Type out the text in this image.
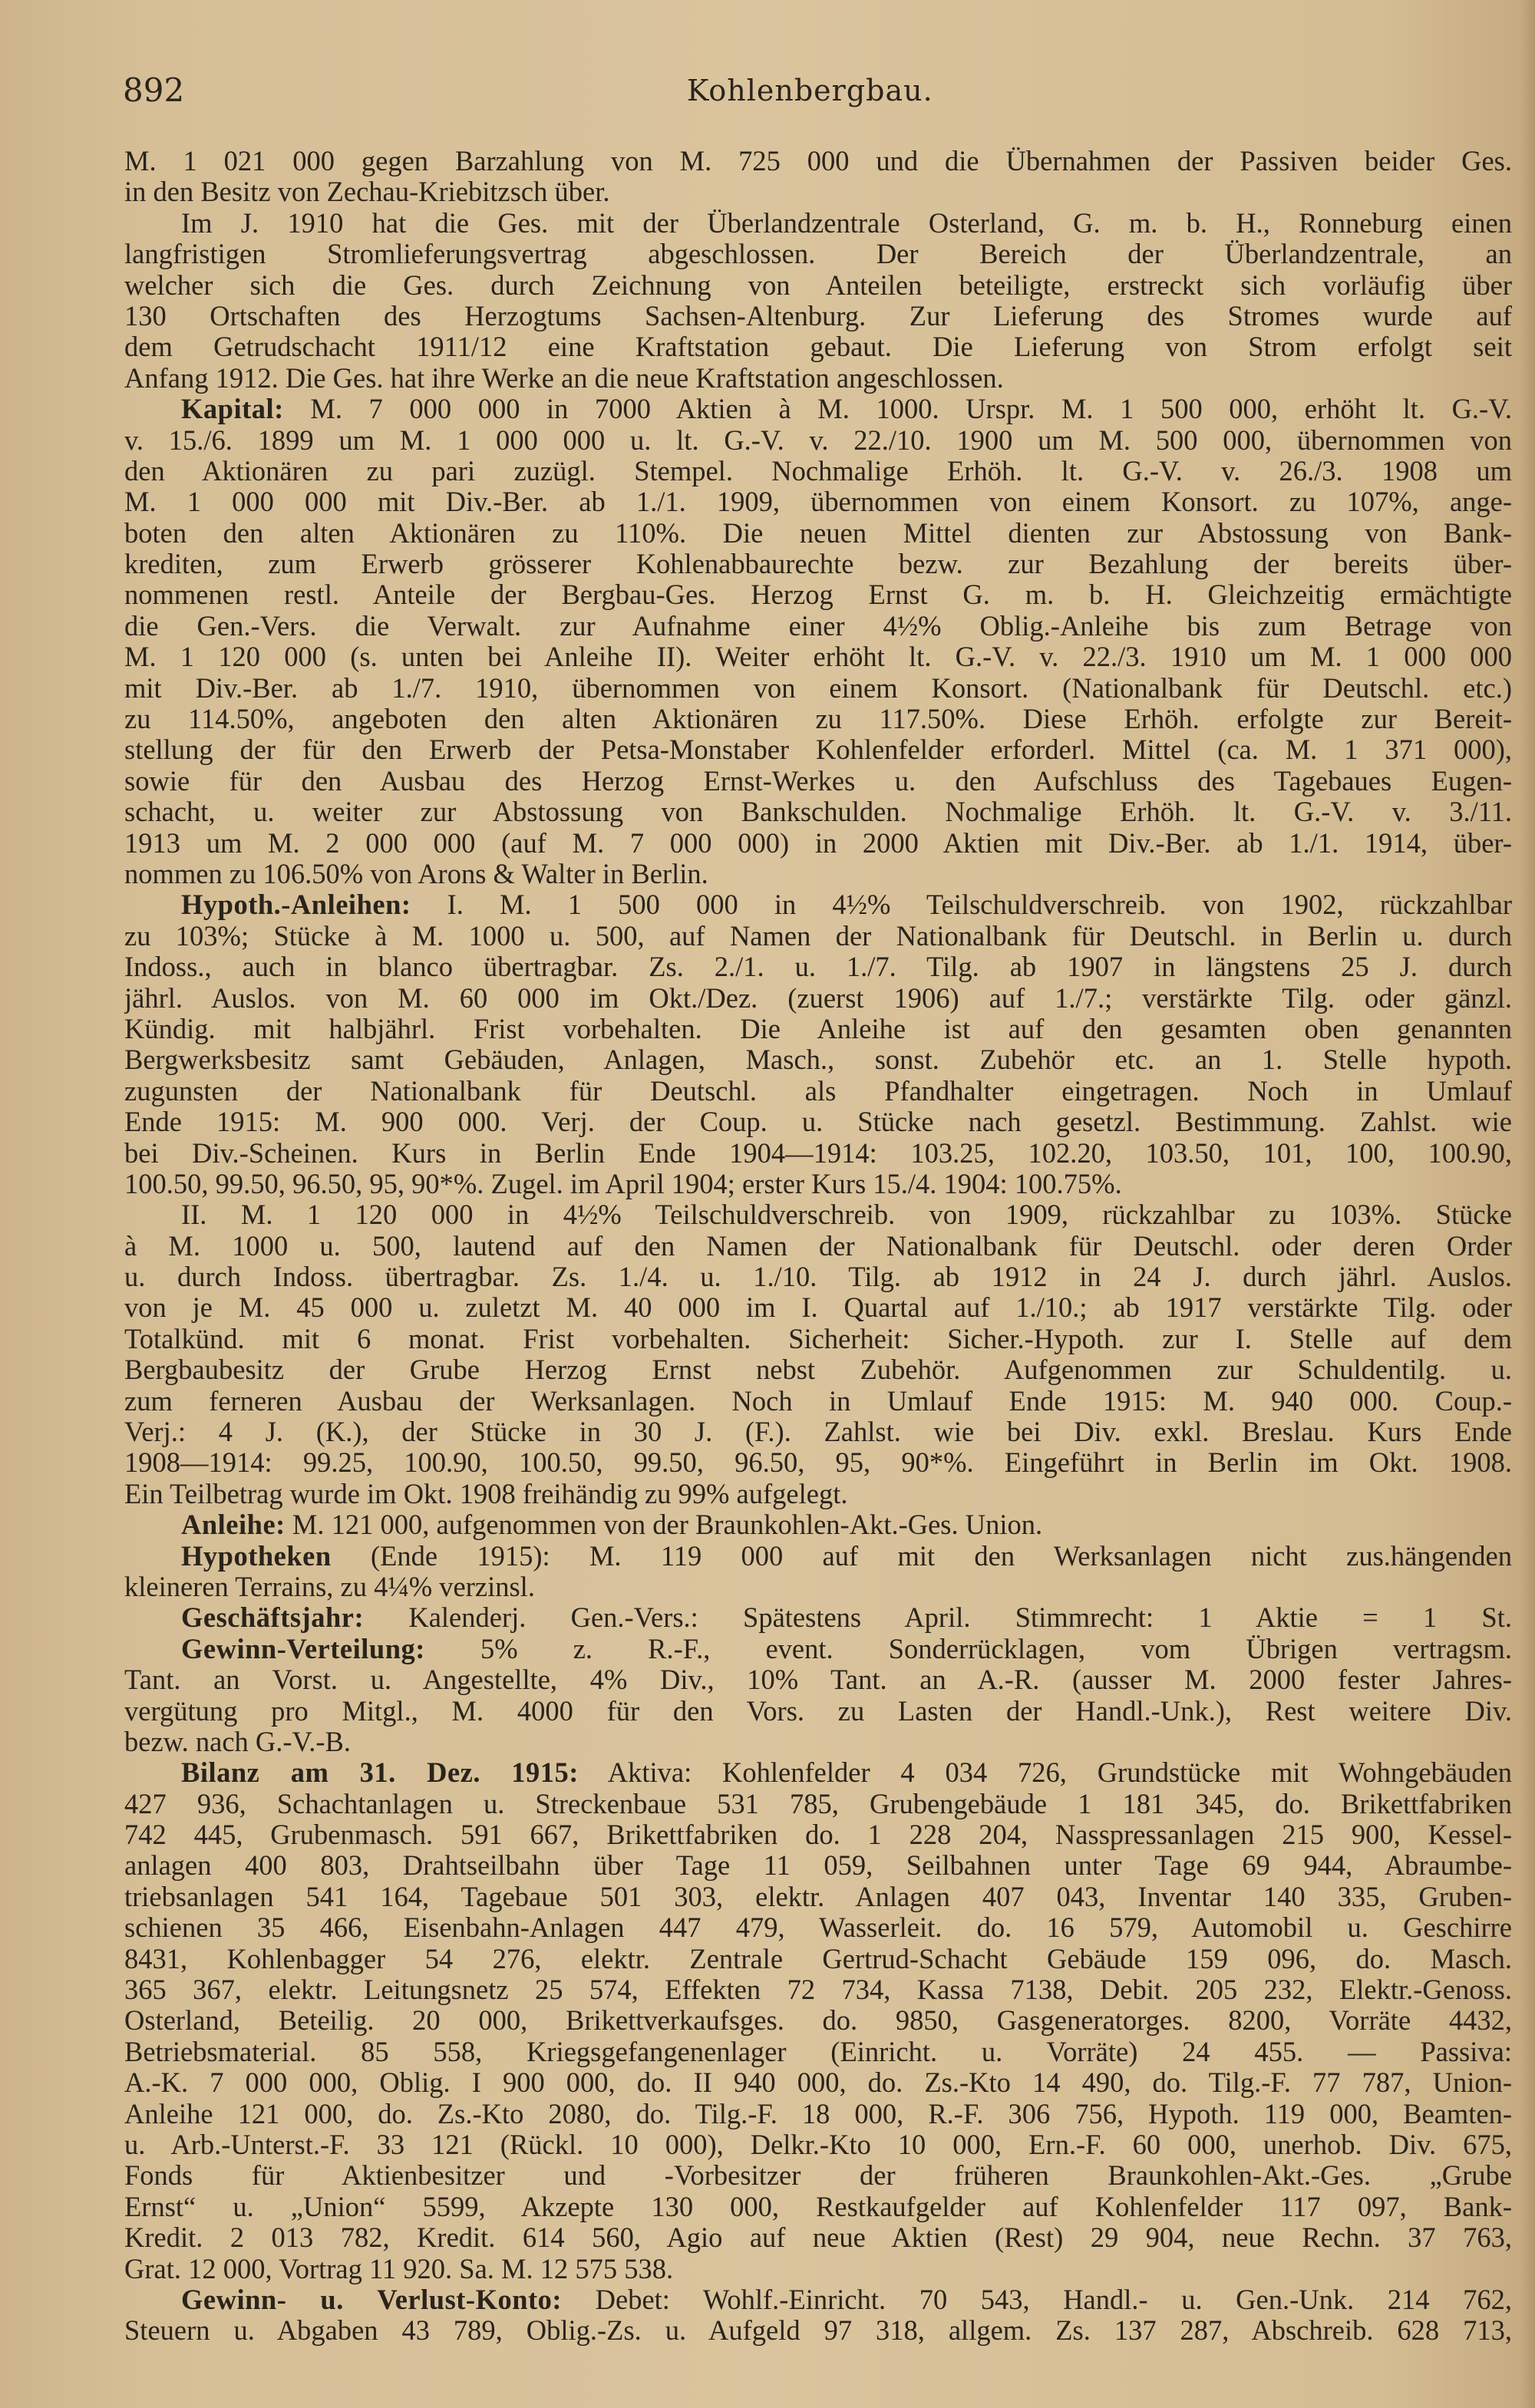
892	Kohlenbergbau.
M. 1 021 000 gegen Barzahlung von M. 725 000 und die Übernahmen der Passiven beider Ges.
in den Besitz von Zechau-Kriebitzsch über.
Im J. 1910 hat die Ges. mit der Überlandzentrale Osterland, G. m. b. H., Ronneburg einen
langfristigen Stromlieferungsvertrag abgeschlossen. Der Bereich der Überlandzentrale, an
welcher sich die Ges. durch Zeichnung von Anteilen beteiligte, erstreckt sich vorläufig über
130 Ortschaften des Herzogtums Sachsen-Altenburg. Zur Lieferung des Stromes wurde auf
dem Getrudschacht 1911/12 eine Kraftstation gebaut. Die Lieferung von Strom erfolgt seit
Anfang 1912. Die Ges. hat ihre Werke an die neue Kraftstation angeschlossen.
Kapital: M. 7 000 000 in 7000 Aktien à M. 1000. Urspr. M. 1 500 000, erhöht lt. G.-V.
v. 15./6. 1899 um M. 1 000 000 u. lt. G.-V. v. 22./10. 1900 um M. 500 000, übernommen von
den Aktionären zu pari zuzügl. Stempel. Nochmalige Erhöh. lt. G.-V. v. 26./3. 1908 um
M. 1 000 000 mit Div.-Ber. ab 1./1. 1909, übernommen von einem Konsort. zu 107%, ange-
boten den alten Aktionären zu 110%. Die neuen Mittel dienten zur Abstossung von Bank-
krediten, zum Erwerb grösserer Kohlenabbaurechte bezw. zur Bezahlung der bereits über-
nommenen restl. Anteile der Bergbau-Ges. Herzog Ernst G. m. b. H. Gleichzeitig ermächtigte
die Gen.-Vers. die Verwalt. zur Aufnahme einer 4½% Oblig.-Anleihe bis zum Betrage von
M. 1 120 000 (s. unten bei Anleihe II). Weiter erhöht lt. G.-V. v. 22./3. 1910 um M. 1 000 000
mit Div.-Ber. ab 1./7. 1910, übernommen von einem Konsort. (Nationalbank für Deutschl. etc.)
zu 114.50%, angeboten den alten Aktionären zu 117.50%. Diese Erhöh. erfolgte zur Bereit-
stellung der für den Erwerb der Petsa-Monstaber Kohlenfelder erforderl. Mittel (ca. M. 1 371 000),
sowie für den Ausbau des Herzog Ernst-Werkes u. den Aufschluss des Tagebaues Eugen-
schacht, u. weiter zur Abstossung von Bankschulden. Nochmalige Erhöh. lt. G.-V. v. 3./11.
1913 um M. 2 000 000 (auf M. 7 000 000) in 2000 Aktien mit Div.-Ber. ab 1./1. 1914, über-
nommen zu 106.50% von Arons & Walter in Berlin.
Hypoth.-Anleihen: I. M. 1 500 000 in 4½% Teilschuldverschreib. von 1902, rückzahlbar
zu 103%; Stücke à M. 1000 u. 500, auf Namen der Nationalbank für Deutschl. in Berlin u. durch
Indoss., auch in blanco übertragbar. Zs. 2./1. u. 1./7. Tilg. ab 1907 in längstens 25 J. durch
jährl. Auslos. von M. 60 000 im Okt./Dez. (zuerst 1906) auf 1./7.; verstärkte Tilg. oder gänzl.
Kündig. mit halbjährl. Frist vorbehalten. Die Anleihe ist auf den gesamten oben genannten
Bergwerksbesitz samt Gebäuden, Anlagen, Masch., sonst. Zubehör etc. an 1. Stelle hypoth.
zugunsten der Nationalbank für Deutschl. als Pfandhalter eingetragen. Noch in Umlauf
Ende 1915: M. 900 000. Verj. der Coup. u. Stücke nach gesetzl. Bestimmung. Zahlst. wie
bei Div.-Scheinen. Kurs in Berlin Ende 1904—1914: 103.25, 102.20, 103.50, 101, 100, 100.90,
100.50, 99.50, 96.50, 95, 90*%. Zugel. im April 1904; erster Kurs 15./4. 1904: 100.75%.
II. M. 1 120 000 in 4½% Teilschuldverschreib. von 1909, rückzahlbar zu 103%. Stücke
à M. 1000 u. 500, lautend auf den Namen der Nationalbank für Deutschl. oder deren Order
u. durch Indoss. übertragbar. Zs. 1./4. u. 1./10. Tilg. ab 1912 in 24 J. durch jährl. Auslos.
von je M. 45 000 u. zuletzt M. 40 000 im I. Quartal auf 1./10.; ab 1917 verstärkte Tilg. oder
Totalkünd. mit 6 monat. Frist vorbehalten. Sicherheit: Sicher.-Hypoth. zur I. Stelle auf dem
Bergbaubesitz der Grube Herzog Ernst nebst Zubehör. Aufgenommen zur Schuldentilg. u.
zum ferneren Ausbau der Werksanlagen. Noch in Umlauf Ende 1915: M. 940 000. Coup.-
Verj.: 4 J. (K.), der Stücke in 30 J. (F.). Zahlst. wie bei Div. exkl. Breslau. Kurs Ende
1908—1914: 99.25, 100.90, 100.50, 99.50, 96.50, 95, 90*%. Eingeführt in Berlin im Okt. 1908.
Ein Teilbetrag wurde im Okt. 1908 freihändig zu 99% aufgelegt.
Anleihe: M. 121 000, aufgenommen von der Braunkohlen-Akt.-Ges. Union.
Hypotheken (Ende 1915): M. 119 000 auf mit den Werksanlagen nicht zus.hängenden
kleineren Terrains, zu 4¼% verzinsl.
Geschäftsjahr: Kalenderj. Gen.-Vers.: Spätestens April. Stimmrecht: 1 Aktie = 1 St.
Gewinn-Verteilung: 5% z. R.-F., event. Sonderrücklagen, vom Übrigen vertragsm.
Tant. an Vorst. u. Angestellte, 4% Div., 10% Tant. an A.-R. (ausser M. 2000 fester Jahres-
vergütung pro Mitgl., M. 4000 für den Vors. zu Lasten der Handl.-Unk.), Rest weitere Div.
bezw. nach G.-V.-B.
Bilanz am 31. Dez. 1915: Aktiva: Kohlenfelder 4 034 726, Grundstücke mit Wohngebäuden
427 936, Schachtanlagen u. Streckenbaue 531 785, Grubengebäude 1 181 345, do. Brikettfabriken
742 445, Grubenmasch. 591 667, Brikettfabriken do. 1 228 204, Nasspressanlagen 215 900, Kessel-
anlagen 400 803, Drahtseilbahn über Tage 11 059, Seilbahnen unter Tage 69 944, Abraumbe-
triebsanlagen 541 164, Tagebaue 501 303, elektr. Anlagen 407 043, Inventar 140 335, Gruben-
schienen 35 466, Eisenbahn-Anlagen 447 479, Wasserleit. do. 16 579, Automobil u. Geschirre
8431, Kohlenbagger 54 276, elektr. Zentrale Gertrud-Schacht Gebäude 159 096, do. Masch.
365 367, elektr. Leitungsnetz 25 574, Effekten 72 734, Kassa 7138, Debit. 205 232, Elektr.-Genoss.
Osterland, Beteilig. 20 000, Brikettverkaufsges. do. 9850, Gasgeneratorges. 8200, Vorräte 4432,
Betriebsmaterial. 85 558, Kriegsgefangenenlager (Einricht. u. Vorräte) 24 455. — Passiva:
A.-K. 7 000 000, Oblig. I 900 000, do. II 940 000, do. Zs.-Kto 14 490, do. Tilg.-F. 77 787, Union-
Anleihe 121 000, do. Zs.-Kto 2080, do. Tilg.-F. 18 000, R.-F. 306 756, Hypoth. 119 000, Beamten-
u. Arb.-Unterst.-F. 33 121 (Rückl. 10 000), Delkr.-Kto 10 000, Ern.-F. 60 000, unerhob. Div. 675,
Fonds für Aktienbesitzer und -Vorbesitzer der früheren Braunkohlen-Akt.-Ges. „Grube
Ernst“ u. „Union“ 5599, Akzepte 130 000, Restkaufgelder auf Kohlenfelder 117 097, Bank-
Kredit. 2 013 782, Kredit. 614 560, Agio auf neue Aktien (Rest) 29 904, neue Rechn. 37 763,
Grat. 12 000, Vortrag 11 920. Sa. M. 12 575 538.
Gewinn- u. Verlust-Konto: Debet: Wohlf.-Einricht. 70 543, Handl.- u. Gen.-Unk. 214 762,
Steuern u. Abgaben 43 789, Oblig.-Zs. u. Aufgeld 97 318, allgem. Zs. 137 287, Abschreib. 628 713,
